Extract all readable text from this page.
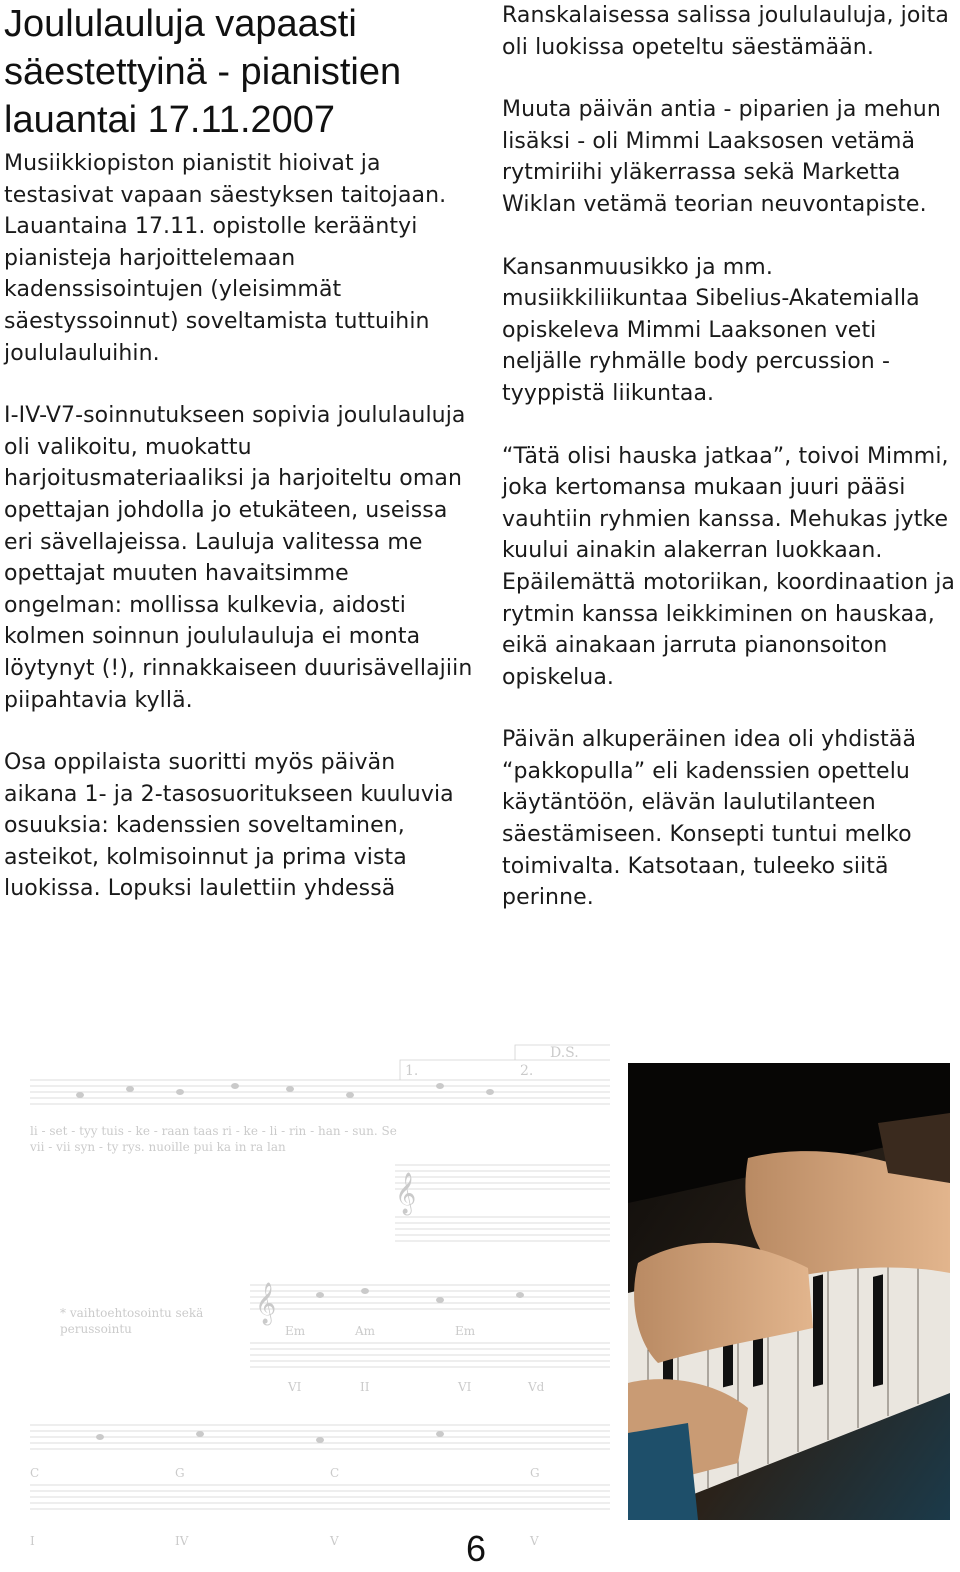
Joululauluja vapaasti säestettyinä - pianistien lauantai 17.11.2007

Musiikkiopiston pianistit hioivat ja testasivat vapaan säestyksen taitojaan. Lauantaina 17.11. opistolle kerääntyi pianisteja harjoittelemaan kadenssisointujen (yleisimmät säestyssoinnut) soveltamista tuttuihin joululauluihin.

I-IV-V7-soinnutukseen sopivia joululauluja oli valikoitu, muokattu harjoitusmateriaaliksi ja harjoiteltu oman opettajan johdolla jo etukäteen, useissa eri sävellajeissa. Lauluja valitessa me opettajat muuten havaitsimme ongelman: mollissa kulkevia, aidosti kolmen soinnun joululauluja ei monta löytynyt (!), rinnakkaiseen duurisävellajiin piipahtavia kyllä.

Osa oppilaista suoritti myös päivän aikana 1- ja 2-tasosuoritukseen kuuluvia osuuksia: kadenssien soveltaminen, asteikot, kolmisoinnut ja prima vista luokissa. Lopuksi laulettiin yhdessä

Ranskalaisessa salissa joululauluja, joita oli luokissa opeteltu säestämään.

Muuta päivän antia - piparien ja mehun lisäksi - oli Mimmi Laaksosen vetämä rytmiriihi yläkerrassa sekä Marketta Wiklan vetämä teorian neuvontapiste.

Kansanmuusikko ja mm. musiikkiliikuntaa Sibelius-Akatemialla opiskeleva Mimmi Laaksonen veti neljälle ryhmälle body percussion -tyyppistä liikuntaa.

“Tätä olisi hauska jatkaa”, toivoi Mimmi, joka kertomansa mukaan juuri pääsi vauhtiin ryhmien kanssa. Mehukas jytke kuului ainakin alakerran luokkaan. Epäilemättä motoriikan, koordinaation ja rytmin kanssa leikkiminen on hauskaa, eikä ainakaan jarruta pianonsoiton opiskelua.

Päivän alkuperäinen idea oli yhdistää “pakkopulla” eli kadenssien opettelu käytäntöön, elävän laulutilanteen säestämiseen. Konsepti tuntui melko toimivalta. Katsotaan, tuleeko siitä perinne.

1.	2.
D.S.
𝄞
𝄞
li - set - tyy tuis - ke - raan taas ri - ke - li - rin - han - sun. Se
vii - vii syn - ty rys. nuoille pui ka in ra lan
* vaihtoehtosointu sekä
perussointu	Em	Am	Em
VI	II	VI	Vd
C	G	C	G
I	IV	V	V
6
